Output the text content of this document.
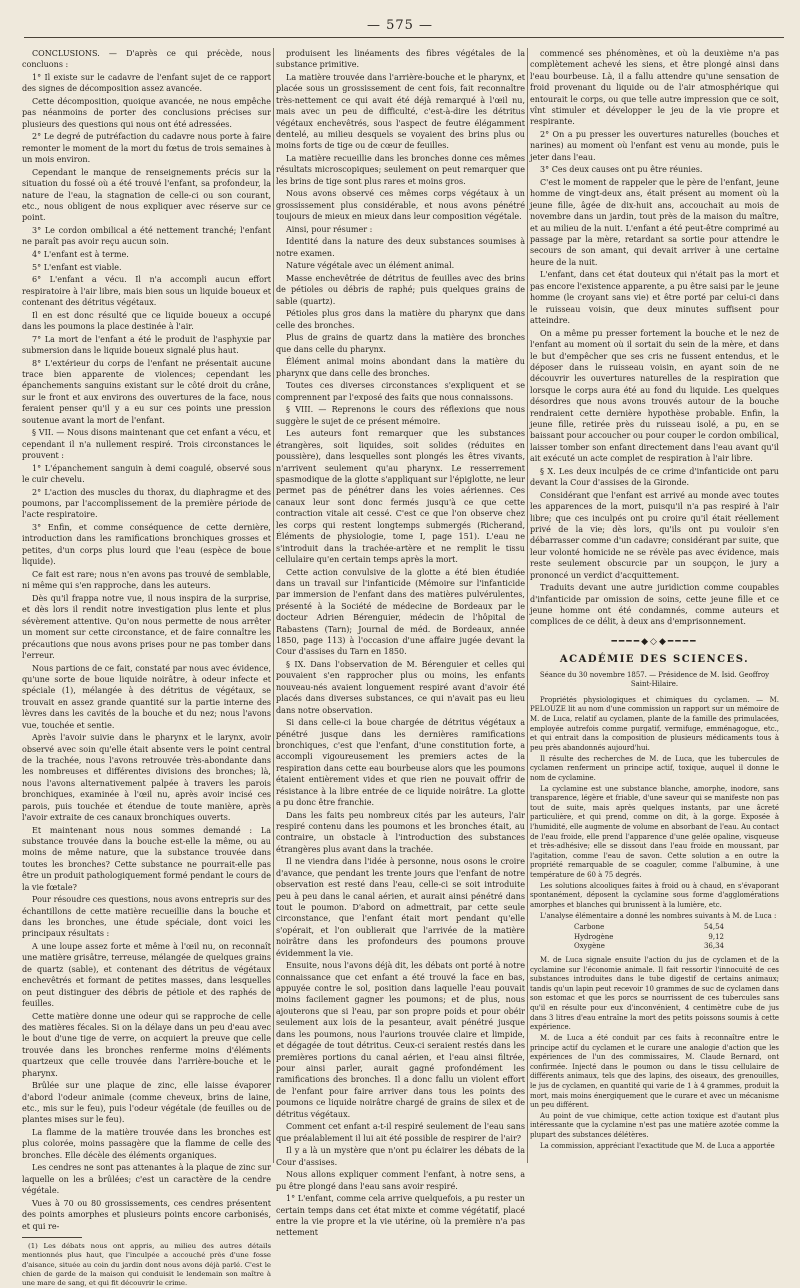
— 575 —

CONCLUSIONS. — D'après ce qui précède, nous concluons :

1° Il existe sur le cadavre de l'enfant sujet de ce rapport des signes de décomposition assez avancée.

Cette décomposition, quoique avancée, ne nous empêche pas néanmoins de porter des conclusions précises sur plusieurs des questions qui nous ont été adressées.

2° Le degré de putréfaction du cadavre nous porte à faire remonter le moment de la mort du fœtus de trois semaines à un mois environ.

Cependant le manque de renseignements précis sur la situation du fossé où a été trouvé l'enfant, sa profondeur, la nature de l'eau, la stagnation de celle-ci ou son courant, etc., nous obligent de nous expliquer avec réserve sur ce point.

3° Le cordon ombilical a été nettement tranché; l'enfant ne paraît pas avoir reçu aucun soin.

4° L'enfant est à terme.

5° L'enfant est viable.

6° L'enfant a vécu. Il n'a accompli aucun effort respiratoire à l'air libre, mais bien sous un liquide boueux et contenant des détritus végétaux.

Il en est donc résulté que ce liquide boueux a occupé dans les poumons la place destinée à l'air.

7° La mort de l'enfant a été le produit de l'asphyxie par submersion dans le liquide boueux signalé plus haut.

8° L'extérieur du corps de l'enfant ne présentait aucune trace bien apparente de violences; cependant les épanchements sanguins existant sur le côté droit du crâne, sur le front et aux environs des ouvertures de la face, nous feraient penser qu'il y a eu sur ces points une pression soutenue avant la mort de l'enfant.

§ VII. — Nous disons maintenant que cet enfant a vécu, et cependant il n'a nullement respiré. Trois circonstances le prouvent :

1° L'épanchement sanguin à demi coagulé, observé sous le cuir chevelu.

2° L'action des muscles du thorax, du diaphragme et des poumons, par l'accomplissement de la première période de l'acte respiratoire.

3° Enfin, et comme conséquence de cette dernière, introduction dans les ramifications bronchiques grosses et petites, d'un corps plus lourd que l'eau (espèce de boue liquide).

Ce fait est rare; nous n'en avons pas trouvé de semblable, ni même qui s'en rapproche, dans les auteurs.

Dès qu'il frappa notre vue, il nous inspira de la surprise, et dès lors il rendit notre investigation plus lente et plus sévèrement attentive. Qu'on nous permette de nous arrêter un moment sur cette circonstance, et de faire connaître les précautions que nous avons prises pour ne pas tomber dans l'erreur.

Nous partions de ce fait, constaté par nous avec évidence, qu'une sorte de boue liquide noirâtre, à odeur infecte et spéciale (1), mélangée à des détritus de végétaux, se trouvait en assez grande quantité sur la partie interne des lèvres dans les cavités de la bouche et du nez; nous l'avons vue, touchée et sentie.

Après l'avoir suivie dans le pharynx et le larynx, avoir observé avec soin qu'elle était absente vers le point central de la trachée, nous l'avons retrouvée très-abondante dans les nombreuses et différentes divisions des bronches; là, nous l'avons alternativement palpée à travers les parois bronchiques, examinée à l'œil nu, après avoir incisé ces parois, puis touchée et étendue de toute manière, après l'avoir extraite de ces canaux bronchiques ouverts.

Et maintenant nous nous sommes demandé : La substance trouvée dans la bouche est-elle la même, ou au moins de même nature, que la substance trouvée dans toutes les bronches? Cette substance ne pourrait-elle pas être un produit pathologiquement formé pendant le cours de la vie fœtale?

Pour résoudre ces questions, nous avons entrepris sur des échantillons de cette matière recueillie dans la bouche et dans les bronches, une étude spéciale, dont voici les principaux résultats :

A une loupe assez forte et même à l'œil nu, on reconnaît une matière grisâtre, terreuse, mélangée de quelques grains de quartz (sable), et contenant des détritus de végétaux enchevêtrés et formant de petites masses, dans lesquelles on peut distinguer des débris de pétiole et des raphés de feuilles.

Cette matière donne une odeur qui se rapproche de celle des matières fécales. Si on la délaye dans un peu d'eau avec le bout d'une tige de verre, on acquiert la preuve que celle trouvée dans les bronches renferme moins d'éléments quartzeux que celle trouvée dans l'arrière-bouche et le pharynx.

Brûlée sur une plaque de zinc, elle laisse évaporer d'abord l'odeur animale (comme cheveux, brins de laine, etc., mis sur le feu), puis l'odeur végétale (de feuilles ou de plantes mises sur le feu).

La flamme de la matière trouvée dans les bronches est plus colorée, moins passagère que la flamme de celle des bronches. Elle décèle des éléments organiques.

Les cendres ne sont pas attenantes à la plaque de zinc sur laquelle on les a brûlées; c'est un caractère de la cendre végétale.

Vues à 70 ou 80 grossissements, ces cendres présentent des points amorphes et plusieurs points encore carbonisés, et qui re-

(1) Les débats nous ont appris, au milieu des autres détails mentionnés plus haut, que l'inculpée a accouché près d'une fosse d'aisance, située au coin du jardin dont nous avons déjà parlé. C'est le chien de garde de la maison qui conduisit le lendemain son maître à une mare de sang, et qui fit découvrir le crime.

produisent les linéaments des fibres végétales de la substance primitive.

La matière trouvée dans l'arrière-bouche et le pharynx, et placée sous un grossissement de cent fois, fait reconnaître très-nettement ce qui avait été déjà remarqué à l'œil nu, mais avec un peu de difficulté, c'est-à-dire les détritus végétaux enchevêtrés, sous l'aspect de feutre élégamment dentelé, au milieu desquels se voyaient des brins plus ou moins forts de tige ou de cœur de feuilles.

La matière recueillie dans les bronches donne ces mêmes résultats microscopiques; seulement on peut remarquer que les brins de tige sont plus rares et moins gros.

Nous avons observé ces mêmes corps végétaux à un grossissement plus considérable, et nous avons pénétré toujours de mieux en mieux dans leur composition végétale.

Ainsi, pour résumer :

Identité dans la nature des deux substances soumises à notre examen.

Nature végétale avec un élément animal.

Masse enchevêtrée de détritus de feuilles avec des brins de pétioles ou débris de raphé; puis quelques grains de sable (quartz).

Pétioles plus gros dans la matière du pharynx que dans celle des bronches.

Plus de grains de quartz dans la matière des bronches que dans celle du pharynx.

Élément animal moins abondant dans la matière du pharynx que dans celle des bronches.

Toutes ces diverses circonstances s'expliquent et se comprennent par l'exposé des faits que nous connaissons.

§ VIII. — Reprenons le cours des réflexions que nous suggère le sujet de ce présent mémoire.

Les auteurs font remarquer que les substances étrangères, soit liquides, soit solides (réduites en poussière), dans lesquelles sont plongés les êtres vivants, n'arrivent seulement qu'au pharynx. Le resserrement spasmodique de la glotte s'appliquant sur l'épiglotte, ne leur permet pas de pénétrer dans les voies aériennes. Ces canaux leur sont donc fermés jusqu'à ce que cette contraction vitale ait cessé. C'est ce que l'on observe chez les corps qui restent longtemps submergés (Richerand, Éléments de physiologie, tome I, page 151). L'eau ne s'introduit dans la trachée-artère et ne remplit le tissu cellulaire qu'en certain temps après la mort.

Cette action convulsive de la glotte a été bien étudiée dans un travail sur l'infanticide (Mémoire sur l'infanticide par immersion de l'enfant dans des matières pulvérulentes, présenté à la Société de médecine de Bordeaux par le docteur Adrien Bérenguier, médecin de l'hôpital de Rabastens (Tarn); Journal de méd. de Bordeaux, année 1850, page 113) à l'occasion d'une affaire jugée devant la Cour d'assises du Tarn en 1850.

§ IX. Dans l'observation de M. Bérenguier et celles qui pouvaient s'en rapprocher plus ou moins, les enfants nouveau-nés avaient longuement respiré avant d'avoir été placés dans diverses substances, ce qui n'avait pas eu lieu dans notre observation.

Si dans celle-ci la boue chargée de détritus végétaux a pénétré jusque dans les dernières ramifications bronchiques, c'est que l'enfant, d'une constitution forte, a accompli vigoureusement les premiers actes de la respiration dans cette eau bourbeuse alors que les poumons étaient entièrement vides et que rien ne pouvait offrir de résistance à la libre entrée de ce liquide noirâtre. La glotte a pu donc être franchie.

Dans les faits peu nombreux cités par les auteurs, l'air respiré contenu dans les poumons et les bronches était, au contraire, un obstacle à l'introduction des substances étrangères plus avant dans la trachée.

Il ne viendra dans l'idée à personne, nous osons le croire d'avance, que pendant les trente jours que l'enfant de notre observation est resté dans l'eau, celle-ci se soit introduite peu à peu dans le canal aérien, et aurait ainsi pénétré dans tout le poumon. D'abord on admettrait, par cette seule circonstance, que l'enfant était mort pendant qu'elle s'opérait, et l'on oublierait que l'arrivée de la matière noirâtre dans les profondeurs des poumons prouve évidemment la vie.

Ensuite, nous l'avons déjà dit, les débats ont porté à notre connaissance que cet enfant a été trouvé la face en bas, appuyée contre le sol, position dans laquelle l'eau pouvait moins facilement gagner les poumons; et de plus, nous ajouterons que si l'eau, par son propre poids et pour obéir seulement aux lois de la pesanteur, avait pénétré jusque dans les poumons, nous l'aurions trouvée claire et limpide, et dégagée de tout détritus. Ceux-ci seraient restés dans les premières portions du canal aérien, et l'eau ainsi filtrée, pour ainsi parler, aurait gagné profondément les ramifications des bronches. Il a donc fallu un violent effort de l'enfant pour faire arriver dans tous les points des poumons ce liquide noirâtre chargé de grains de silex et de détritus végétaux.

Comment cet enfant a-t-il respiré seulement de l'eau sans que préalablement il lui ait été possible de respirer de l'air?

Il y a là un mystère que n'ont pu éclairer les débats de la Cour d'assises.

Nous allons expliquer comment l'enfant, à notre sens, a pu être plongé dans l'eau sans avoir respiré.

1° L'enfant, comme cela arrive quelquefois, a pu rester un certain temps dans cet état mixte et comme végétatif, placé entre la vie propre et la vie utérine, où la première n'a pas nettement

commencé ses phénomènes, et où la deuxième n'a pas complètement achevé les siens, et être plongé ainsi dans l'eau bourbeuse. Là, il a fallu attendre qu'une sensation de froid provenant du liquide ou de l'air atmosphérique qui entourait le corps, ou que telle autre impression que ce soit, vînt stimuler et développer le jeu de la vie propre et respirante.

2° On a pu presser les ouvertures naturelles (bouches et narines) au moment où l'enfant est venu au monde, puis le jeter dans l'eau.

3° Ces deux causes ont pu être réunies.

C'est le moment de rappeler que le père de l'enfant, jeune homme de vingt-deux ans, était présent au moment où la jeune fille, âgée de dix-huit ans, accouchait au mois de novembre dans un jardin, tout près de la maison du maître, et au milieu de la nuit. L'enfant a été peut-être comprimé au passage par la mère, retardant sa sortie pour attendre le secours de son amant, qui devait arriver à une certaine heure de la nuit.

L'enfant, dans cet état douteux qui n'était pas la mort et pas encore l'existence apparente, a pu être saisi par le jeune homme (le croyant sans vie) et être porté par celui-ci dans le ruisseau voisin, que deux minutes suffisent pour atteindre.

On a même pu presser fortement la bouche et le nez de l'enfant au moment où il sortait du sein de la mère, et dans le but d'empêcher que ses cris ne fussent entendus, et le déposer dans le ruisseau voisin, en ayant soin de ne découvrir les ouvertures naturelles de la respiration que lorsque le corps aura été au fond du liquide. Les quelques désordres que nous avons trouvés autour de la bouche rendraient cette dernière hypothèse probable. Enfin, la jeune fille, retirée près du ruisseau isolé, a pu, en se baissant pour accoucher ou pour couper le cordon ombilical, laisser tomber son enfant directement dans l'eau avant qu'il ait exécuté un acte complet de respiration à l'air libre.

§ X. Les deux inculpés de ce crime d'infanticide ont paru devant la Cour d'assises de la Gironde.

Considérant que l'enfant est arrivé au monde avec toutes les apparences de la mort, puisqu'il n'a pas respiré à l'air libre; que ces inculpés ont pu croire qu'il était réellement privé de la vie; dès lors, qu'ils ont pu vouloir s'en débarrasser comme d'un cadavre; considérant par suite, que leur volonté homicide ne se révèle pas avec évidence, mais reste seulement obscurcie par un soupçon, le jury a prononcé un verdict d'acquittement.

Traduits devant une autre juridiction comme coupables d'infanticide par omission de soins, cette jeune fille et ce jeune homme ont été condamnés, comme auteurs et complices de ce délit, à deux ans d'emprisonnement.

━━━━◆◇◆━━━━

ACADÉMIE DES SCIENCES.

Séance du 30 novembre 1857. — Présidence de M. Isid. Geoffroy Saint-Hilaire.

Propriétés physiologiques et chimiques du cyclamen. — M. PELOUZE lit au nom d'une commission un rapport sur un mémoire de M. de Luca, relatif au cyclamen, plante de la famille des primulacées, employée autrefois comme purgatif, vermifuge, emménagogue, etc., et qui entrait dans la composition de plusieurs médicaments tous à peu près abandonnés aujourd'hui.

Il résulte des recherches de M. de Luca, que les tubercules de cyclamen renferment un principe actif, toxique, auquel il donne le nom de cyclamine.

La cyclamine est une substance blanche, amorphe, inodore, sans transparence, légère et friable, d'une saveur qui se manifeste non pas tout de suite, mais après quelques instants, par une âcreté particulière, et qui prend, comme on dit, à la gorge. Exposée à l'humidité, elle augmente de volume en absorbant de l'eau. Au contact de l'eau froide, elle prend l'apparence d'une gelée opaline, visqueuse et très-adhésive; elle se dissout dans l'eau froide en moussant, par l'agitation, comme l'eau de savon. Cette solution a en outre la propriété remarquable de se coaguler, comme l'albumine, à une température de 60 à 75 degrés.

Les solutions alcooliques faites à froid ou à chaud, en s'évaporant spontanément, déposent la cyclamine sous forme d'agglomérations amorphes et blanches qui brunissent à la lumière, etc.

L'analyse élémentaire a donné les nombres suivants à M. de Luca :

Carbone	54,54
Hydrogène	9,12
Oxygène	36,34

M. de Luca signale ensuite l'action du jus de cyclamen et de la cyclamine sur l'économie animale. Il fait ressortir l'innocuité de ces substances introduites dans le tube digestif de certains animaux; tandis qu'un lapin peut recevoir 10 grammes de suc de cyclamen dans son estomac et que les porcs se nourrissent de ces tubercules sans qu'il en résulte pour eux d'inconvénient, 4 centimètre cube de jus dans 3 litres d'eau entraîne la mort des petits poissons soumis à cette expérience.

M. de Luca a été conduit par ces faits à reconnaître entre le principe actif du cyclamen et le curare une analogie d'action que les expériences de l'un des commissaires, M. Claude Bernard, ont confirmée. Injecté dans le poumon ou dans le tissu cellulaire de différents animaux, tels que des lapins, des oiseaux, des grenouilles, le jus de cyclamen, en quantité qui varie de 1 à 4 grammes, produit la mort, mais moins énergiquement que le curare et avec un mécanisme un peu différent.

Au point de vue chimique, cette action toxique est d'autant plus intéressante que la cyclamine n'est pas une matière azotée comme la plupart des substances délétères.

La commission, appréciant l'exactitude que M. de Luca a apportée
